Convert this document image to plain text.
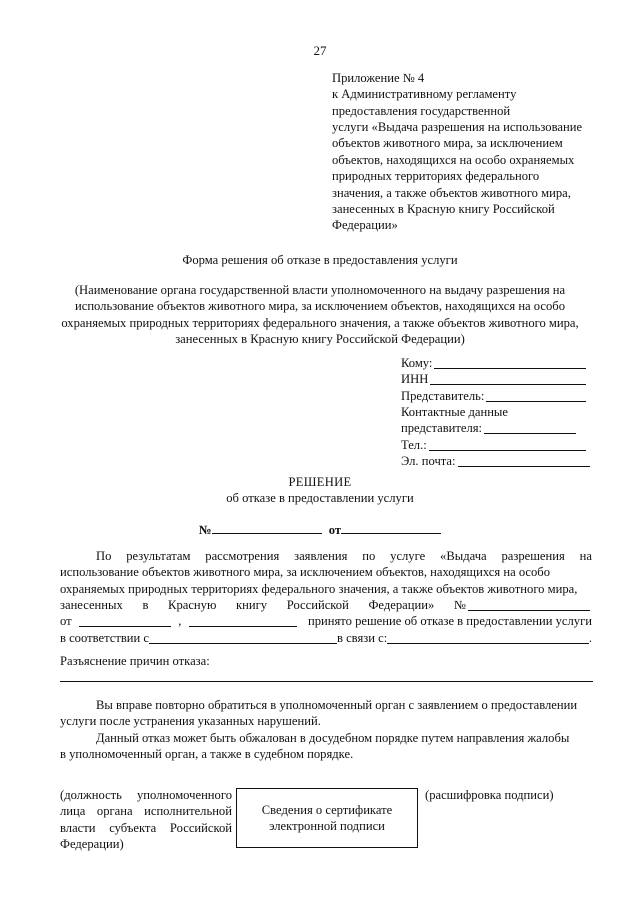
27
Приложение № 4
к Административному регламенту
предоставления государственной
услуги «Выдача разрешения на использование
объектов животного мира, за исключением
объектов, находящихся на особо охраняемых
природных территориях федерального
значения, а также объектов животного мира,
занесенных в Красную книгу Российской
Федерации»
Форма решения об отказе в предоставления услуги
(Наименование органа государственной власти уполномоченного на выдачу разрешения на
использование объектов животного мира, за исключением объектов, находящихся на особо
охраняемых природных территориях федерального значения, а также объектов животного мира,
занесенных в Красную книгу Российской Федерации)
Кому:
ИНН
Представитель:
Контактные данные
представителя:
Тел.:
Эл. почта:
РЕШЕНИЕ
об отказе в предоставлении услуги
№	от
По результатам рассмотрения заявления по услуге «Выдача разрешения на
использование объектов животного мира, за исключением объектов, находящихся на особо
охраняемых природных территориях федерального значения, а также объектов животного мира,
занесенных в Красную книгу Российской Федерации» №
от	,	принято решение об отказе в предоставлении услуги
в соответствии с	в связи с:	.
Разъяснение причин отказа:
Вы вправе повторно обратиться в уполномоченный орган с заявлением о предоставлении
услуги после устранения указанных нарушений.
Данный отказ может быть обжалован в досудебном порядке путем направления жалобы
в уполномоченный орган, а также в судебном порядке.
(должность уполномоченного
лица органа исполнительной
власти субъекта Российской
Федерации)
Сведения о сертификате
электронной подписи
(расшифровка подписи)
